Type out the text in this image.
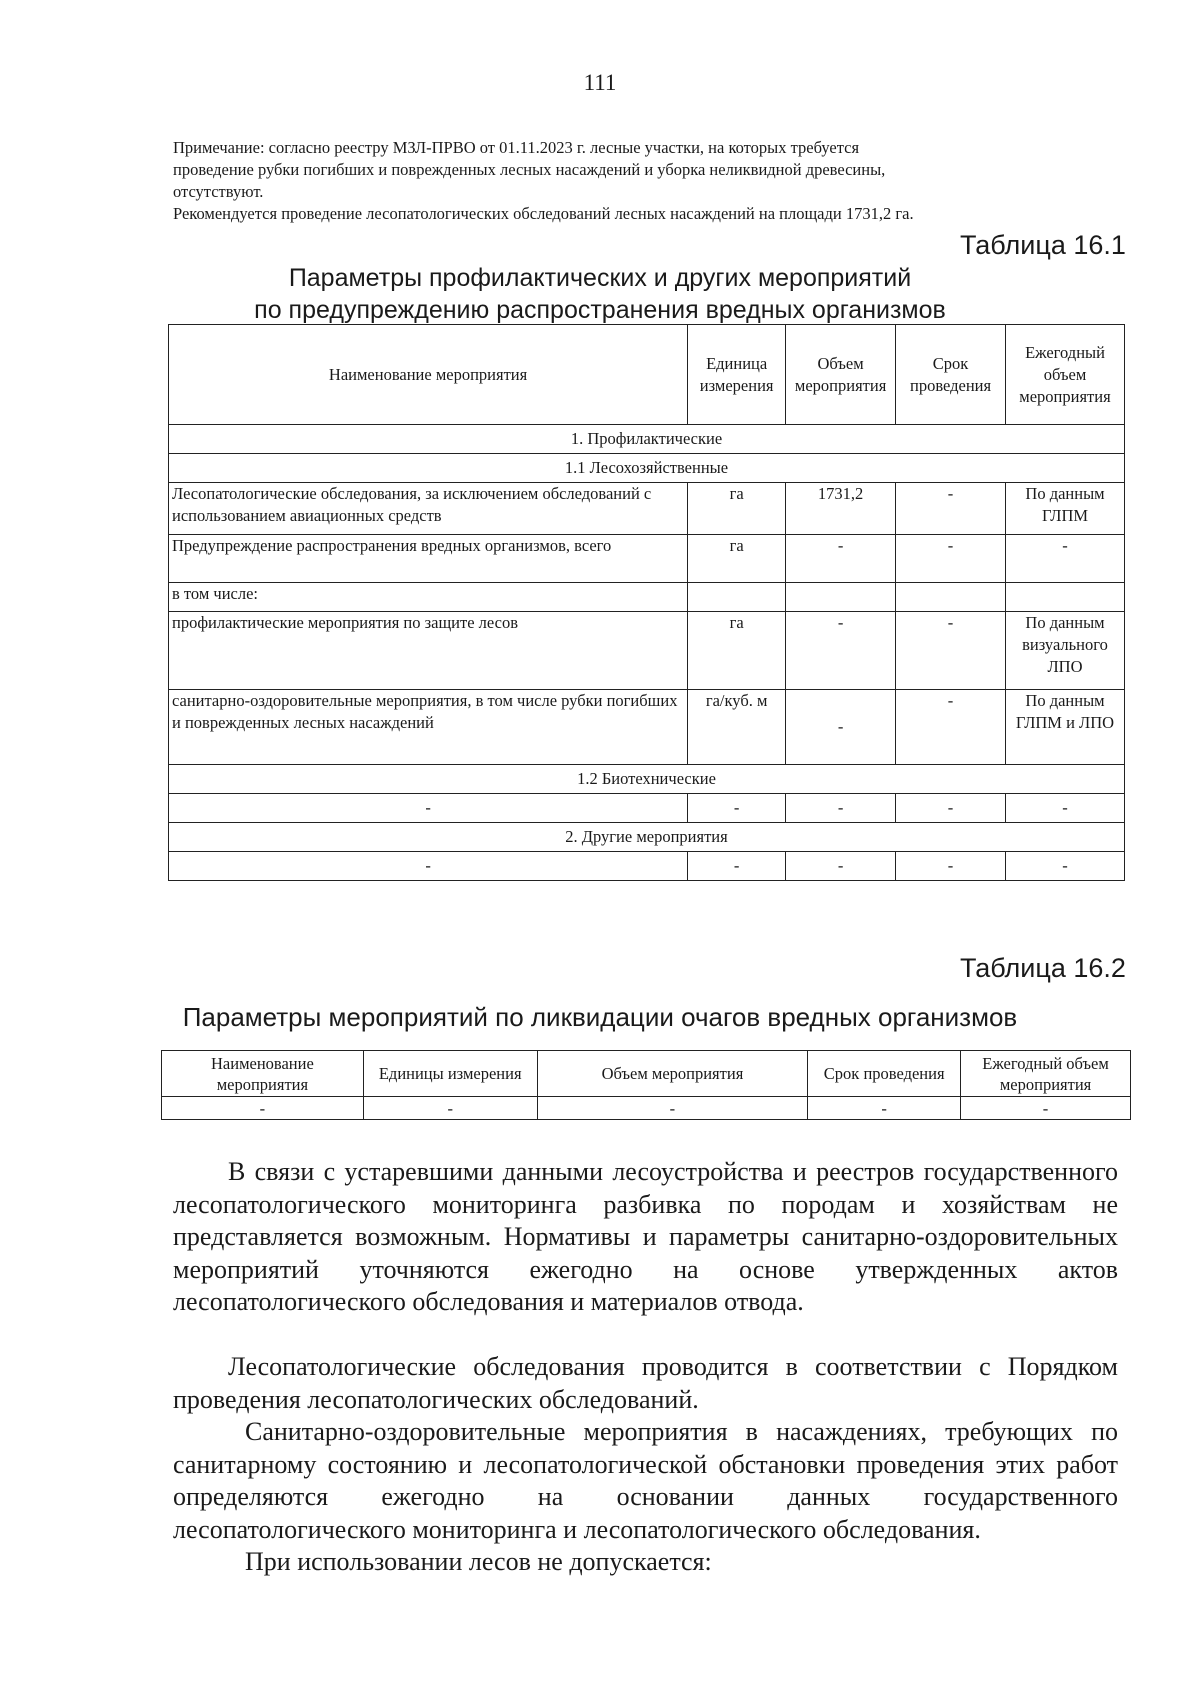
111
Примечание: согласно реестру МЗЛ-ПРВО от 01.11.2023 г. лесные участки, на которых требуется
проведение рубки погибших и поврежденных лесных насаждений и уборка неликвидной древесины,
отсутствуют.
Рекомендуется проведение лесопатологических обследований лесных насаждений на площади 1731,2 га.
Таблица 16.1
Параметры профилактических и других мероприятий
по предупреждению распространения вредных организмов
Наименование мероприятия	Единица измерения	Объем мероприятия	Срок проведения	Ежегодный объем мероприятия
1. Профилактические				
1.1 Лесохозяйственные				
Лесопатологические обследования, за исключением обследований с использованием авиационных средств	га	1731,2	-	По данным ГЛПМ
Предупреждение распространения вредных организмов, всего	га	-	-	-
в том числе:				
профилактические мероприятия по защите лесов	га	-	-	По данным визуального ЛПО
санитарно-оздоровительные мероприятия, в том числе рубки погибших и поврежденных лесных насаждений	га/куб. м	-	-	По данным ГЛПМ и ЛПО
1.2 Биотехнические				
-	-	-	-	-
2. Другие мероприятия				
-	-	-	-	-
Таблица 16.2
Параметры мероприятий по ликвидации очагов вредных организмов
Наименование мероприятия	Единицы измерения	Объем мероприятия	Срок проведения	Ежегодный объем мероприятия
-	-	-	-	-
В связи с устаревшими данными лесоустройства и реестров государственного лесопатологического мониторинга разбивка по породам и хозяйствам не представляется возможным. Нормативы и параметры санитарно-оздоровительных мероприятий уточняются ежегодно на основе утвержденных актов лесопатологического обследования и материалов отвода.
Лесопатологические обследования проводится в соответствии с Порядком проведения лесопатологических обследований.
Санитарно-оздоровительные мероприятия в насаждениях, требующих по санитарному состоянию и лесопатологической обстановки проведения этих работ определяются ежегодно на основании данных государственного лесопатологического мониторинга и лесопатологического обследования.
При использовании лесов не допускается:
